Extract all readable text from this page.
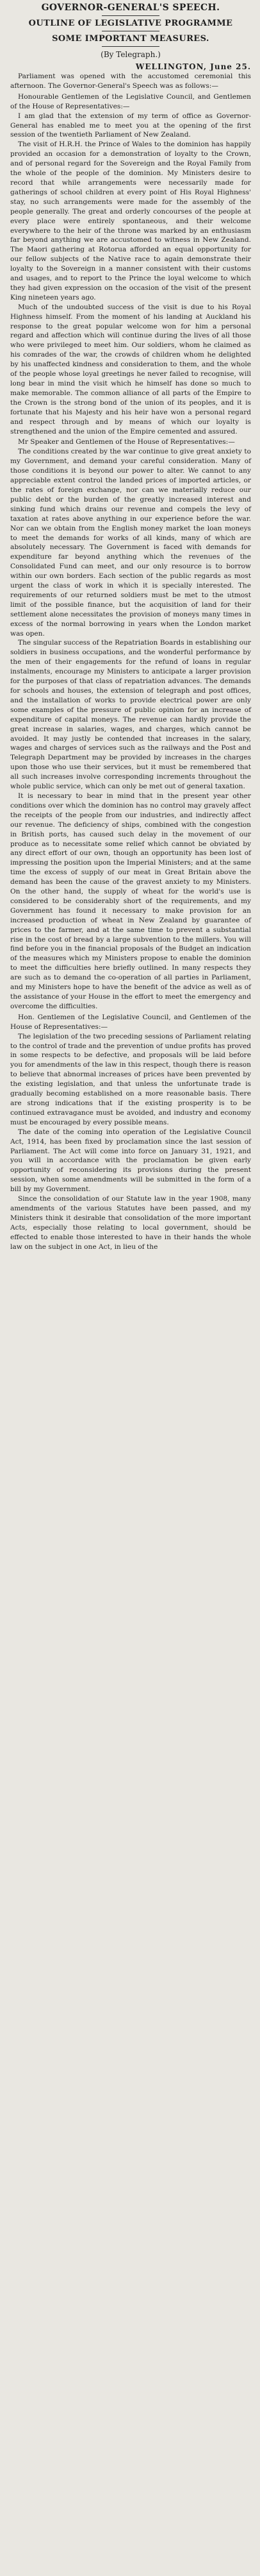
GOVERNOR-GENERAL'S SPEECH.
OUTLINE OF LEGISLATIVE PROGRAMME
SOME IMPORTANT MEASURES.
(By Telegraph.)
WELLINGTON, June 25.

Parliament was opened with the accustomed ceremonial this afternoon. The Governor-General's Speech was as follows:—

Honourable Gentlemen of the Legislative Council, and Gentlemen of the House of Representatives:—

I am glad that the extension of my term of office as Governor-General has enabled me to meet you at the opening of the first session of the twentieth Parliament of New Zealand.

The visit of H.R.H. the Prince of Wales to the dominion has happily provided an occasion for a demonstration of loyalty to the Crown, and of personal regard for the Sovereign and the Royal Family from the whole of the people of the dominion. My Ministers desire to record that while arrangements were necessarily made for gatherings of school children at every point of His Royal Highness' stay, no such arrangements were made for the assembly of the people generally. The great and orderly concourses of the people at every place were entirely spontaneous, and their welcome everywhere to the heir of the throne was marked by an enthusiasm far beyond anything we are accustomed to witness in New Zealand. The Maori gathering at Rotorua afforded an equal opportunity for our fellow subjects of the Native race to again demonstrate their loyalty to the Sovereign in a manner consistent with their customs and usages, and to report to the Prince the loyal welcome to which they had given expression on the occasion of the visit of the present King nineteen years ago.

Much of the undoubted success of the visit is due to his Royal Highness himself. From the moment of his landing at Auckland his response to the great popular welcome won for him a personal regard and affection which will continue during the lives of all those who were privileged to meet him. Our soldiers, whom he claimed as his comrades of the war, the crowds of children whom he delighted by his unaffected kindness and consideration to them, and the whole of the people whose loyal greetings he never failed to recognise, will long bear in mind the visit which he himself has done so much to make memorable. The common alliance of all parts of the Empire to the Crown is the strong bond of the union of its peoples, and it is fortunate that his Majesty and his heir have won a personal regard and respect through and by means of which our loyalty is strengthened and the union of the Empire cemented and assured.

Mr Speaker and Gentlemen of the House of Representatives:—

The conditions created by the war continue to give great anxiety to my Government, and demand your careful consideration. Many of those conditions it is beyond our power to alter. We cannot to any appreciable extent control the landed prices of imported articles, or the rates of foreign exchange, nor can we materially reduce our public debt or the burden of the greatly increased interest and sinking fund which drains our revenue and compels the levy of taxation at rates above anything in our experience before the war. Nor can we obtain from the English money market the loan moneys to meet the demands for works of all kinds, many of which are absolutely necessary. The Government is faced with demands for expenditure far beyond anything which the revenues of the Consolidated Fund can meet, and our only resource is to borrow within our own borders. Each section of the public regards as most urgent the class of work in which it is specially interested. The requirements of our returned soldiers must be met to the utmost limit of the possible finance, but the acquisition of land for their settlement alone necessitates the provision of moneys many times in excess of the normal borrowing in years when the London market was open.

The singular success of the Repatriation Boards in establishing our soldiers in business occupations, and the wonderful performance by the men of their engagements for the refund of loans in regular instalments, encourage my Ministers to anticipate a larger provision for the purposes of that class of repatriation advances. The demands for schools and houses, the extension of telegraph and post offices, and the installation of works to provide electrical power are only some examples of the pressure of public opinion for an increase of expenditure of capital moneys. The revenue can hardly provide the great increase in salaries, wages, and charges, which cannot be avoided. It may justly be contended that increases in the salary, wages and charges of services such as the railways and the Post and Telegraph Department may be provided by increases in the charges upon those who use their services, but it must be remembered that all such increases involve corresponding increments throughout the whole public service, which can only be met out of general taxation.

It is necessary to bear in mind that in the present year other conditions over which the dominion has no control may gravely affect the receipts of the people from our industries, and indirectly affect our revenue. The deficiency of ships, combined with the congestion in British ports, has caused such delay in the movement of our produce as to necessitate some relief which cannot be obviated by any direct effort of our own, though an opportunity has been lost of impressing the position upon the Imperial Ministers; and at the same time the excess of supply of our meat in Great Britain above the demand has been the cause of the gravest anxiety to my Ministers. On the other hand, the supply of wheat for the world's use is considered to be considerably short of the requirements, and my Government has found it necessary to make provision for an increased production of wheat in New Zealand by guarantee of prices to the farmer, and at the same time to prevent a substantial rise in the cost of bread by a large subvention to the millers. You will find before you in the financial proposals of the Budget an indication of the measures which my Ministers propose to enable the dominion to meet the difficulties here briefly outlined. In many respects they are such as to demand the co-operation of all parties in Parliament, and my Ministers hope to have the benefit of the advice as well as of the assistance of your House in the effort to meet the emergency and overcome the difficulties.

Hon. Gentlemen of the Legislative Council, and Gentlemen of the House of Representatives:—

The legislation of the two preceding sessions of Parliament relating to the control of trade and the prevention of undue profits has proved in some respects to be defective, and proposals will be laid before you for amendments of the law in this respect, though there is reason to believe that abnormal increases of prices have been prevented by the existing legislation, and that unless the unfortunate trade is gradually becoming established on a more reasonable basis. There are strong indications that if the existing prosperity is to be continued extravagance must be avoided, and industry and economy must be encouraged by every possible means.

The date of the coming into operation of the Legislative Council Act, 1914, has been fixed by proclamation since the last session of Parliament. The Act will come into force on January 31, 1921, and you will in accordance with the proclamation be given early opportunity of reconsidering its provisions during the present session, when some amendments will be submitted in the form of a bill by my Government.

Since the consolidation of our Statute law in the year 1908, many amendments of the various Statutes have been passed, and my Ministers think it desirable that consolidation of the more important Acts, especially those relating to local government, should be effected to enable those interested to have in their hands the whole law on the subject in one Act, in lieu of the
